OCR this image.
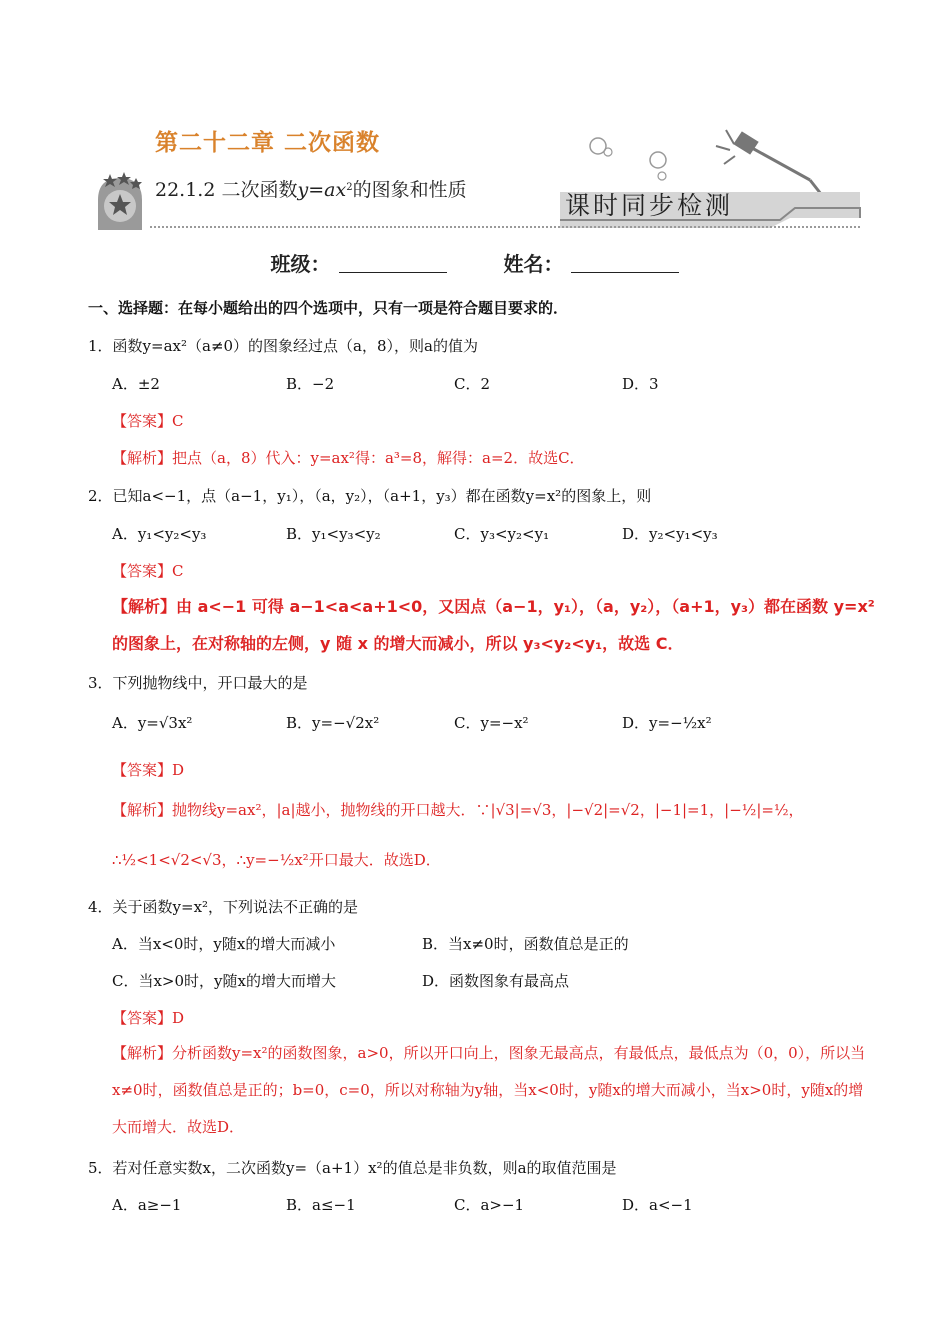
第二十二章 二次函数
22.1.2 二次函数$y=ax^2$的图象和性质
课时同步检测
班级：	姓名：
一、选择题：在每小题给出的四个选项中，只有一项是符合题目要求的．
1．函数y=ax²（a≠0）的图象经过点（a，8），则a的值为
A．±2	B．−2	C．2	D．3
【答案】C
【解析】把点（a，8）代入：y=ax²得：a³=8，解得：a=2．故选C．
2．已知a<−1，点（a−1，y₁），（a，y₂），（a+1，y₃）都在函数y=x²的图象上，则
A．y₁<y₂<y₃	B．y₁<y₃<y₂	C．y₃<y₂<y₁	D．y₂<y₁<y₃
【答案】C
【解析】由 a<−1 可得 a−1<a<a+1<0，又因点（a−1，y₁），（a，y₂），（a+1，y₃）都在函数 y=x² 的图象上，在对称轴的左侧，y 随 x 的增大而减小，所以 y₃<y₂<y₁，故选 C．
3．下列抛物线中，开口最大的是
A．y=√3x²	B．y=−√2x²	C．y=−x²	D．y=−½x²
【答案】D
【解析】抛物线y=ax²，|a|越小，抛物线的开口越大．∵|√3|=√3，|−√2|=√2，|−1|=1，|−½|=½，
∴½<1<√2<√3，∴y=−½x²开口最大．故选D．
4．关于函数y=x²，下列说法不正确的是
A．当x<0时，y随x的增大而减小	B．当x≠0时，函数值总是正的
C．当x>0时，y随x的增大而增大	D．函数图象有最高点
【答案】D
【解析】分析函数y=x²的函数图象，a>0，所以开口向上，图象无最高点，有最低点，最低点为（0，0），所以当x≠0时，函数值总是正的；b=0，c=0，所以对称轴为y轴，当x<0时，y随x的增大而减小，当x>0时，y随x的增大而增大．故选D．
5．若对任意实数x，二次函数y=（a+1）x²的值总是非负数，则a的取值范围是
A．a≥−1	B．a≤−1	C．a>−1	D．a<−1
